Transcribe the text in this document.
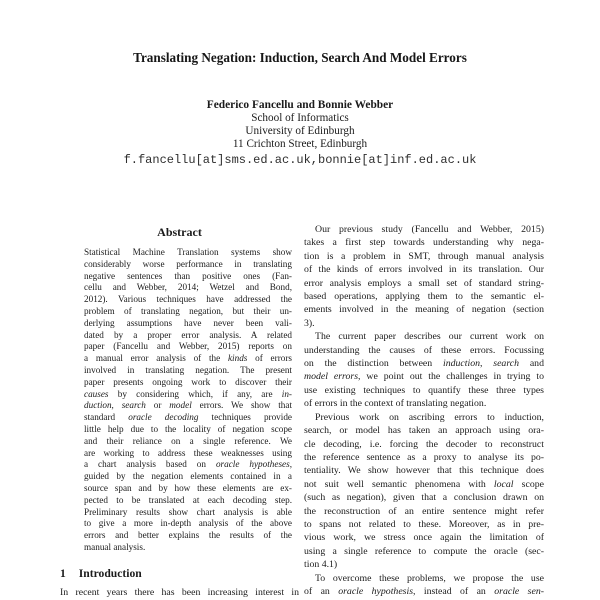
Translating Negation: Induction, Search And Model Errors
Federico Fancellu and Bonnie Webber
School of Informatics
University of Edinburgh
11 Crichton Street, Edinburgh
f.fancellu[at]sms.ed.ac.uk,bonnie[at]inf.ed.ac.uk
Abstract
Statistical Machine Translation systems show
considerably worse performance in translating
negative sentences than positive ones (Fan-
cellu and Webber, 2014; Wetzel and Bond,
2012). Various techniques have addressed the
problem of translating negation, but their un-
derlying assumptions have never been vali-
dated by a proper error analysis. A related
paper (Fancellu and Webber, 2015) reports on
a manual error analysis of the kinds of errors
involved in translating negation. The present
paper presents ongoing work to discover their
causes by considering which, if any, are in-
duction, search or model errors. We show that
standard oracle decoding techniques provide
little help due to the locality of negation scope
and their reliance on a single reference. We
are working to address these weaknesses using
a chart analysis based on oracle hypotheses,
guided by the negation elements contained in a
source span and by how these elements are ex-
pected to be translated at each decoding step.
Preliminary results show chart analysis is able
to give a more in-depth analysis of the above
errors and better explains the results of the
manual analysis.
1 Introduction
In recent years there has been increasing interest in
Our previous study (Fancellu and Webber, 2015)
takes a first step towards understanding why nega-
tion is a problem in SMT, through manual analysis
of the kinds of errors involved in its translation. Our
error analysis employs a small set of standard string-
based operations, applying them to the semantic el-
ements involved in the meaning of negation (section
3).
The current paper describes our current work on
understanding the causes of these errors. Focussing
on the distinction between induction, search and
model errors, we point out the challenges in trying to
use existing techniques to quantify these three types
of errors in the context of translating negation.
Previous work on ascribing errors to induction,
search, or model has taken an approach using ora-
cle decoding, i.e. forcing the decoder to reconstruct
the reference sentence as a proxy to analyse its po-
tentiality. We show however that this technique does
not suit well semantic phenomena with local scope
(such as negation), given that a conclusion drawn on
the reconstruction of an entire sentence might refer
to spans not related to these. Moreover, as in pre-
vious work, we stress once again the limitation of
using a single reference to compute the oracle (sec-
tion 4.1)
To overcome these problems, we propose the use
of an oracle hypothesis, instead of an oracle sen-
